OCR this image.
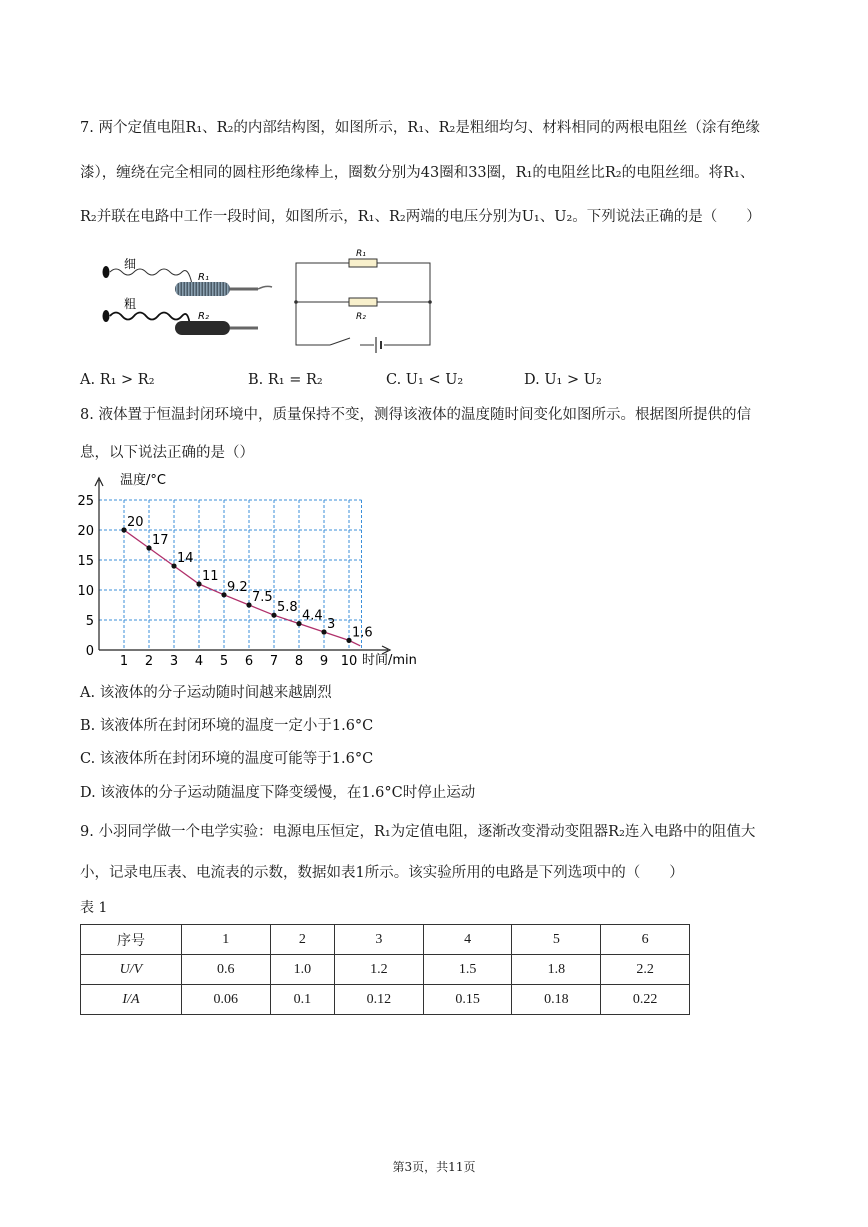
7. 两个定值电阻R₁、R₂的内部结构图，如图所示，R₁、R₂是粗细均匀、材料相同的两根电阻丝（涂有绝缘
漆），缠绕在完全相同的圆柱形绝缘棒上，圈数分别为43圈和33圈，R₁的电阻丝比R₂的电阻丝细。将R₁、
R₂并联在电路中工作一段时间，如图所示，R₁、R₂两端的电压分别为U₁、U₂。下列说法正确的是（　　）
细
R₁
粗
R₂
R₁
R₂
A. R₁ > R₂	B. R₁ = R₂	C. U₁ < U₂	D. U₁ > U₂
8. 液体置于恒温封闭环境中，质量保持不变，测得该液体的温度随时间变化如图所示。根据图所提供的信
息，以下说法正确的是（）
0
5
10
15
20
25
1 2 3 4 5 6 7 8 9 10
20
17
14
11
9.2
7.5
5.8
4.4
3
1.6
温度/°C
时间/min
A. 该液体的分子运动随时间越来越剧烈
B. 该液体所在封闭环境的温度一定小于1.6°C
C. 该液体所在封闭环境的温度可能等于1.6°C
D. 该液体的分子运动随温度下降变缓慢，在1.6°C时停止运动
9. 小羽同学做一个电学实验：电源电压恒定，R₁为定值电阻，逐渐改变滑动变阻器R₂连入电路中的阻值大
小，记录电压表、电流表的示数，数据如表1所示。该实验所用的电路是下列选项中的（　　）
表 1
序号	1	2	3	4	5	6
U/V	0.6	1.0	1.2	1.5	1.8	2.2
I/A	0.06	0.1	0.12	0.15	0.18	0.22
第3页，共11页
